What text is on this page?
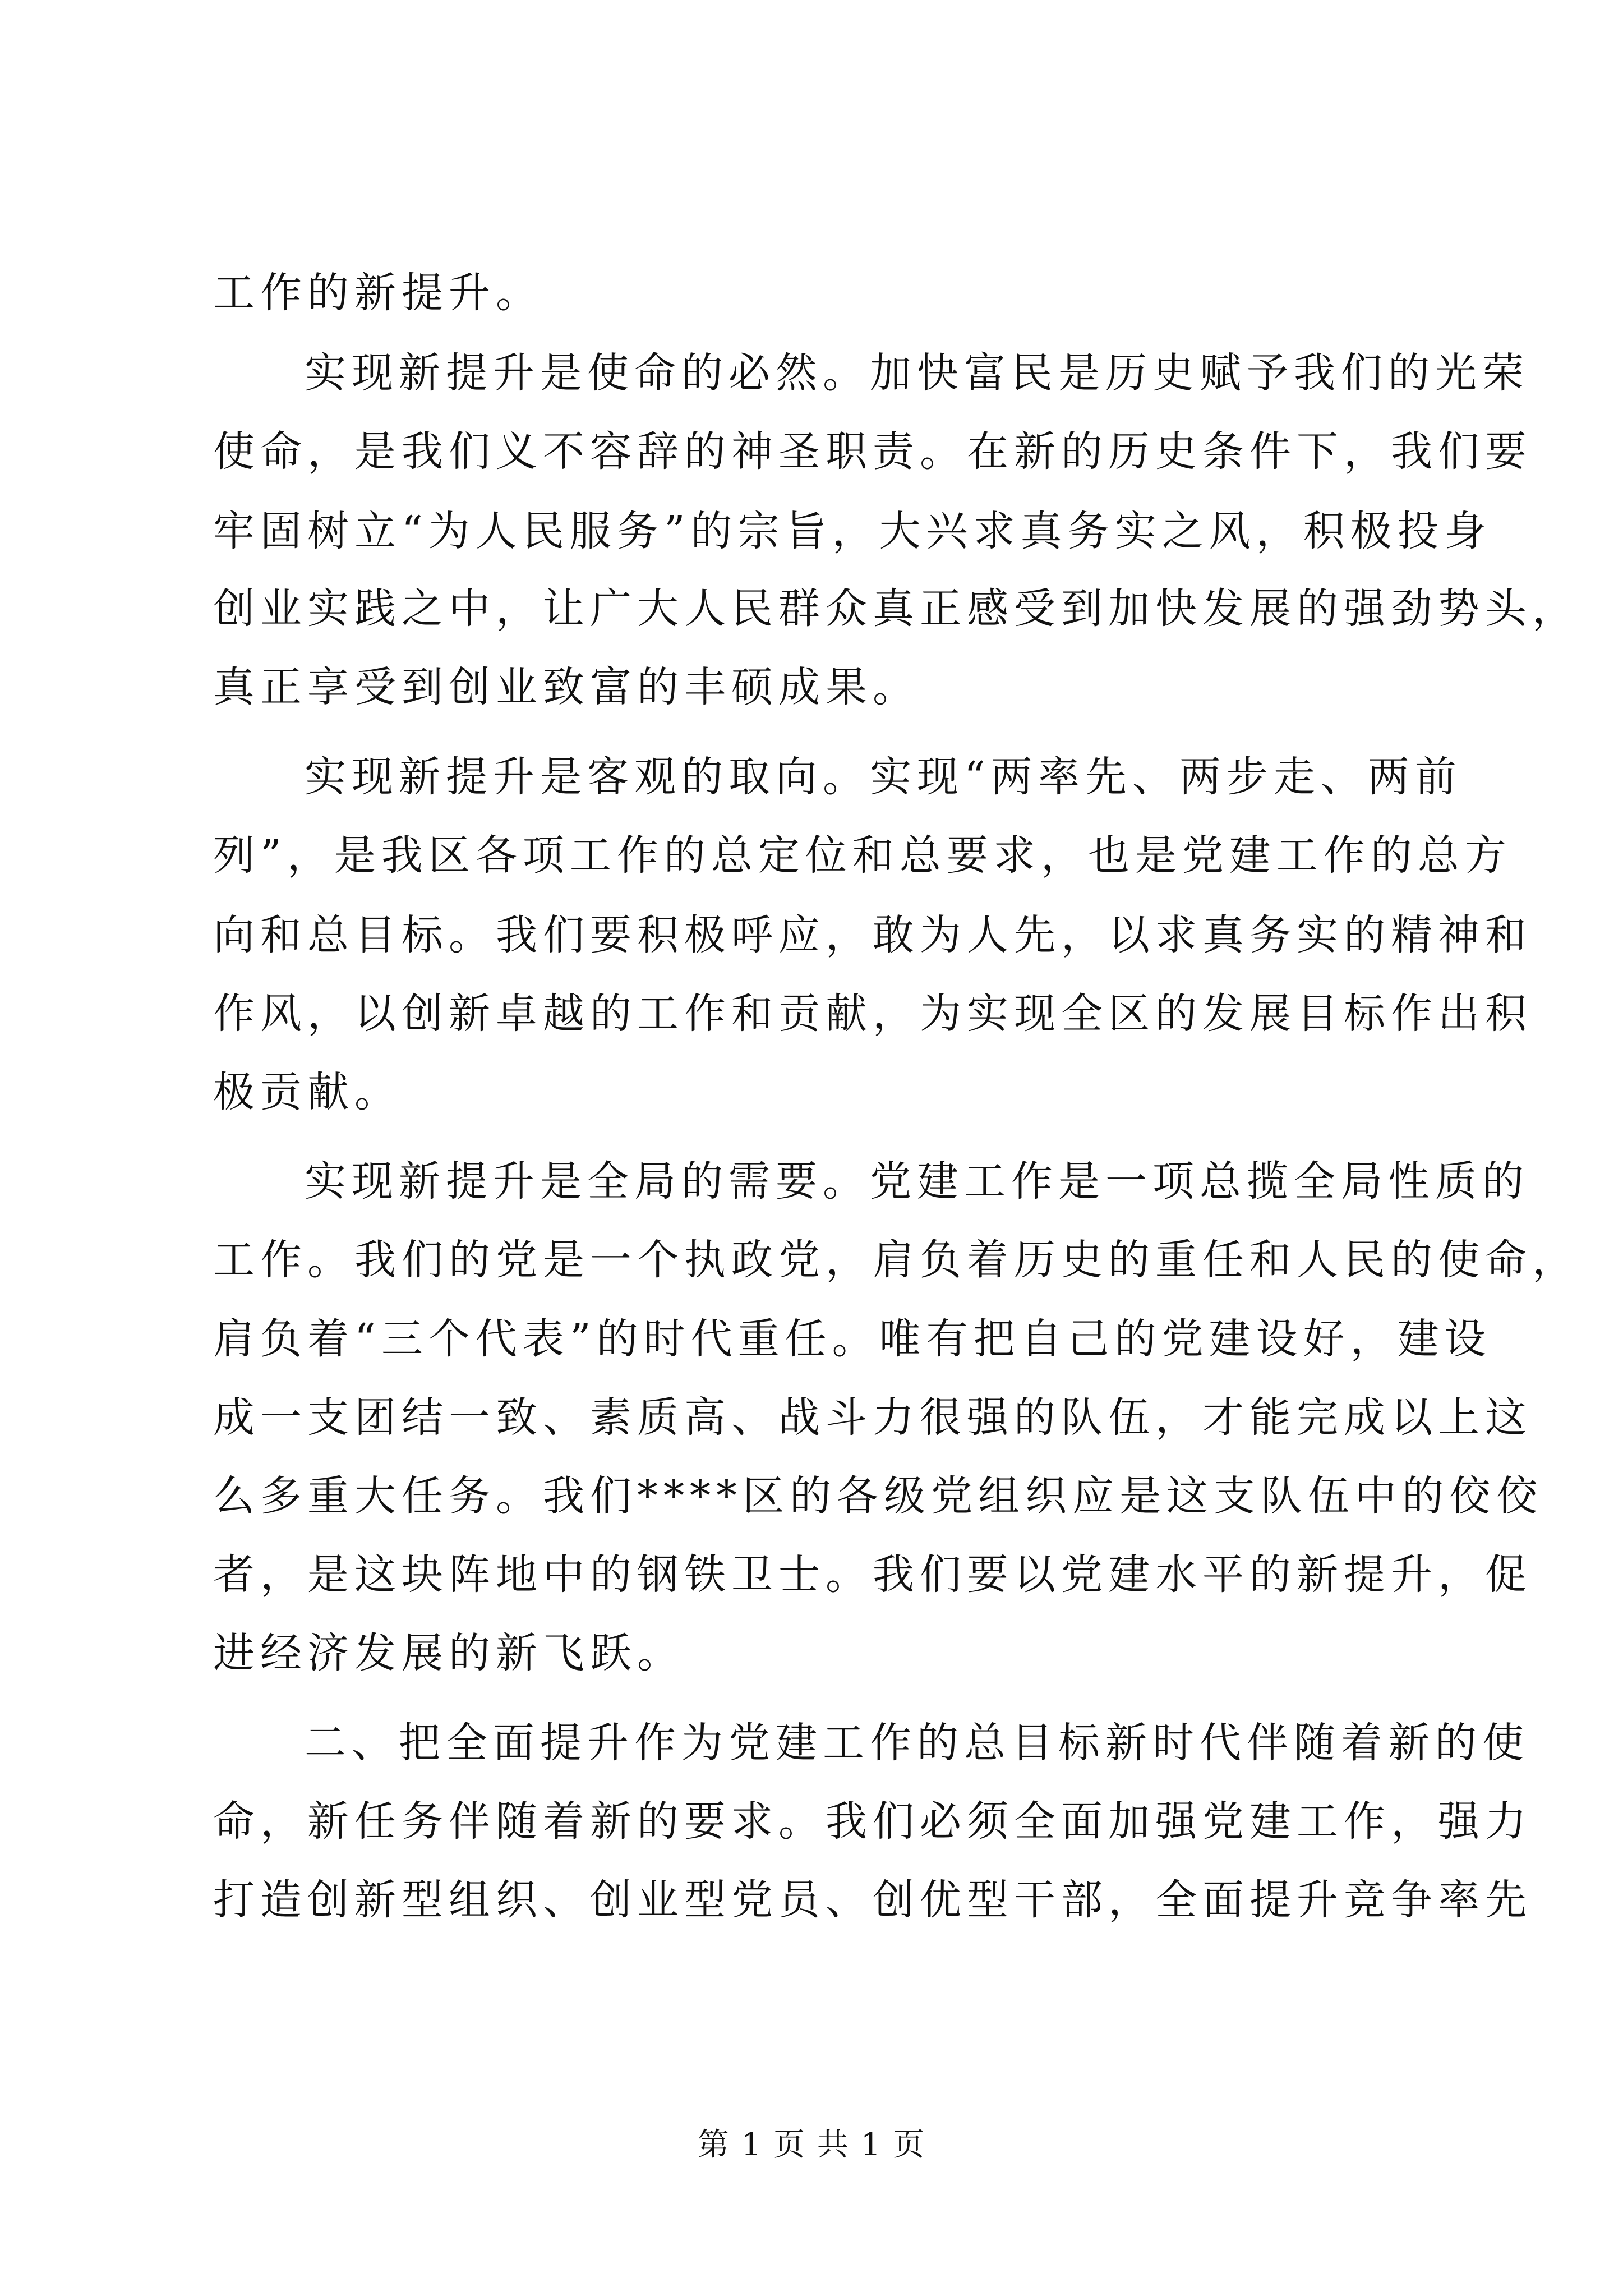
工作的新提升。
实现新提升是使命的必然。加快富民是历史赋予我们的光荣
使命，是我们义不容辞的神圣职责。在新的历史条件下，我们要
牢固树立“为人民服务”的宗旨，大兴求真务实之风，积极投身
创业实践之中，让广大人民群众真正感受到加快发展的强劲势头，
真正享受到创业致富的丰硕成果。
实现新提升是客观的取向。实现“两率先、两步走、两前
列”，是我区各项工作的总定位和总要求，也是党建工作的总方
向和总目标。我们要积极呼应，敢为人先，以求真务实的精神和
作风，以创新卓越的工作和贡献，为实现全区的发展目标作出积
极贡献。
实现新提升是全局的需要。党建工作是一项总揽全局性质的
工作。我们的党是一个执政党，肩负着历史的重任和人民的使命，
肩负着“三个代表”的时代重任。唯有把自己的党建设好，建设
成一支团结一致、素质高、战斗力很强的队伍，才能完成以上这
么多重大任务。我们****区的各级党组织应是这支队伍中的佼佼
者，是这块阵地中的钢铁卫士。我们要以党建水平的新提升，促
进经济发展的新飞跃。
二、把全面提升作为党建工作的总目标新时代伴随着新的使
命，新任务伴随着新的要求。我们必须全面加强党建工作，强力
打造创新型组织、创业型党员、创优型干部，全面提升竞争率先
第 1 页 共 1 页
